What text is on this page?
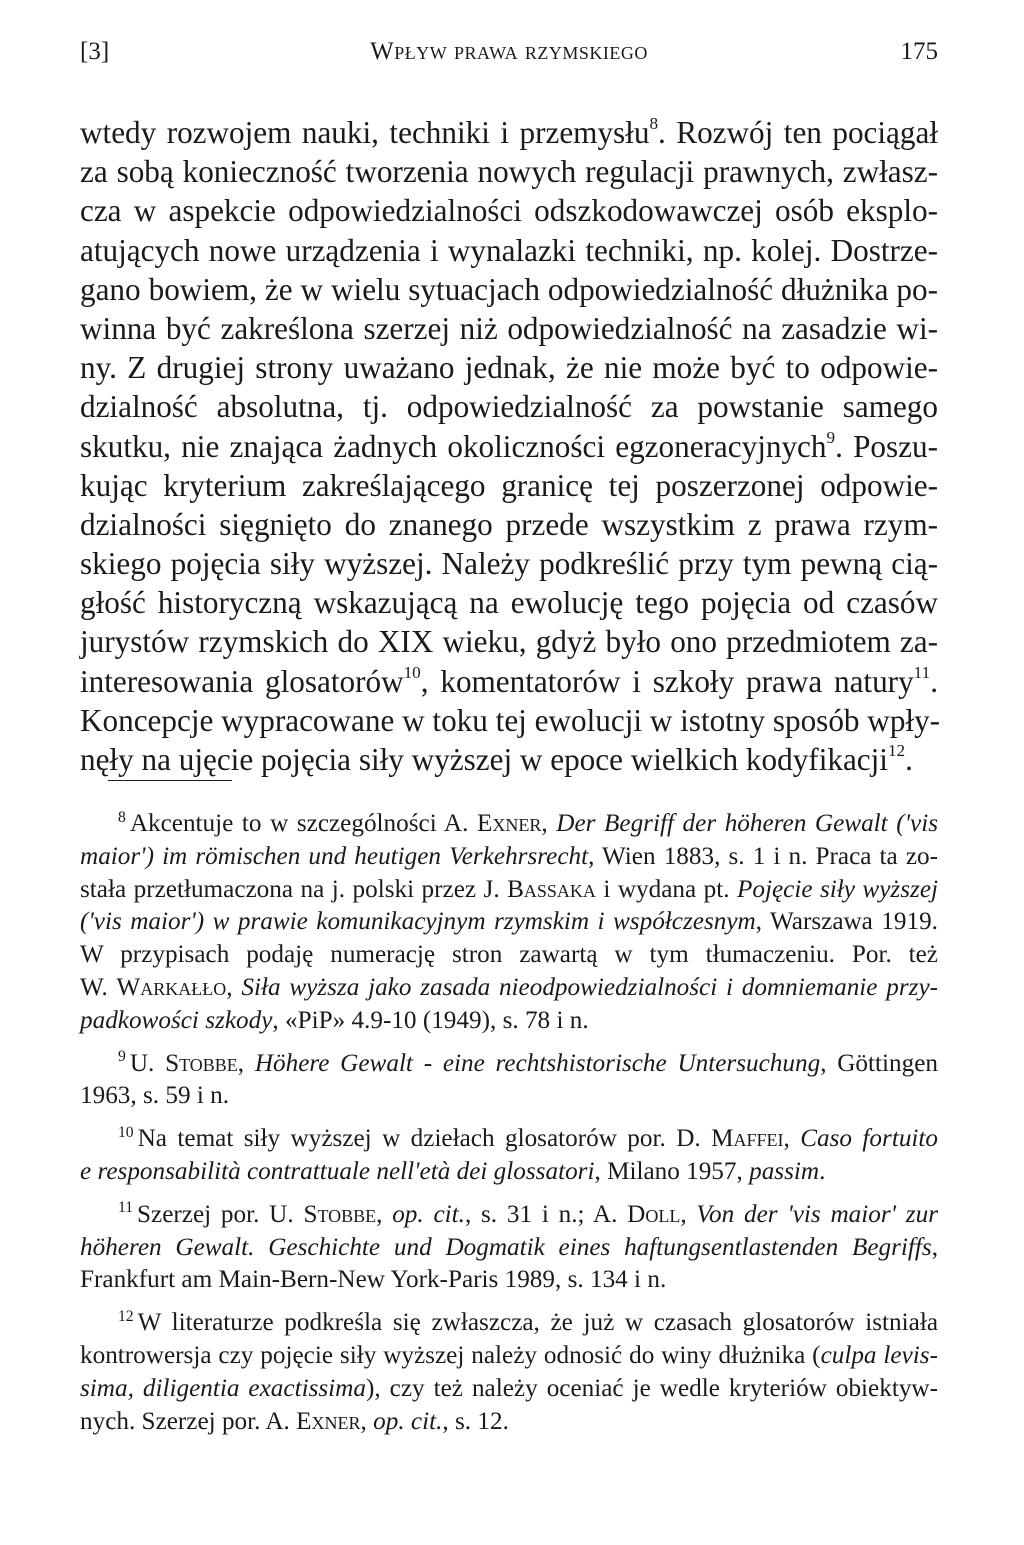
[3]	Wpływ prawa rzymskiego	175
wtedy rozwojem nauki, techniki i przemysłu$^8$. Rozwój ten pociągał
za sobą konieczność tworzenia nowych regulacji prawnych, zwłasz-
cza w aspekcie odpowiedzialności odszkodowawczej osób eksplo-
atujących nowe urządzenia i wynalazki techniki, np. kolej. Dostrze-
gano bowiem, że w wielu sytuacjach odpowiedzialność dłużnika po-
winna być zakreślona szerzej niż odpowiedzialność na zasadzie wi-
ny. Z drugiej strony uważano jednak, że nie może być to odpowie-
dzialność absolutna, tj. odpowiedzialność za powstanie samego
skutku, nie znająca żadnych okoliczności egzoneracyjnych$^9$. Poszu-
kując kryterium zakreślającego granicę tej poszerzonej odpowie-
dzialności sięgnięto do znanego przede wszystkim z prawa rzym-
skiego pojęcia siły wyższej. Należy podkreślić przy tym pewną cią-
głość historyczną wskazującą na ewolucję tego pojęcia od czasów
jurystów rzymskich do XIX wieku, gdyż było ono przedmiotem za-
interesowania glosatorów$^{10}$, komentatorów i szkoły prawa natury$^{11}$.
Koncepcje wypracowane w toku tej ewolucji w istotny sposób wpły-
nęły na ujęcie pojęcia siły wyższej w epoce wielkich kodyfikacji$^{12}$.
$^8$ Akcentuje to w szczególności A. Exner, Der Begriff der höheren Gewalt ('vis
maior') im römischen und heutigen Verkehrsrecht, Wien 1883, s. 1 i n. Praca ta zo-
stała przetłumaczona na j. polski przez J. Bassaka i wydana pt. Pojęcie siły wyższej
('vis maior') w prawie komunikacyjnym rzymskim i współczesnym, Warszawa 1919.
W przypisach podaję numerację stron zawartą w tym tłumaczeniu. Por. też
W. Warkałło, Siła wyższa jako zasada nieodpowiedzialności i domniemanie przy-
padkowości szkody, «PiP» 4.9-10 (1949), s. 78 i n.
$^9$ U. Stobbe, Höhere Gewalt - eine rechtshistorische Untersuchung, Göttingen
1963, s. 59 i n.
$^{10}$ Na temat siły wyższej w dziełach glosatorów por. D. Maffei, Caso fortuito
e responsabilità contrattuale nell'età dei glossatori, Milano 1957, passim.
$^{11}$ Szerzej por. U. Stobbe, op. cit., s. 31 i n.; A. Doll, Von der 'vis maior' zur
höheren Gewalt. Geschichte und Dogmatik eines haftungsentlastenden Begriffs,
Frankfurt am Main-Bern-New York-Paris 1989, s. 134 i n.
$^{12}$ W literaturze podkreśla się zwłaszcza, że już w czasach glosatorów istniała
kontrowersja czy pojęcie siły wyższej należy odnosić do winy dłużnika (culpa levis-
sima, diligentia exactissima), czy też należy oceniać je wedle kryteriów obiektyw-
nych. Szerzej por. A. Exner, op. cit., s. 12.
